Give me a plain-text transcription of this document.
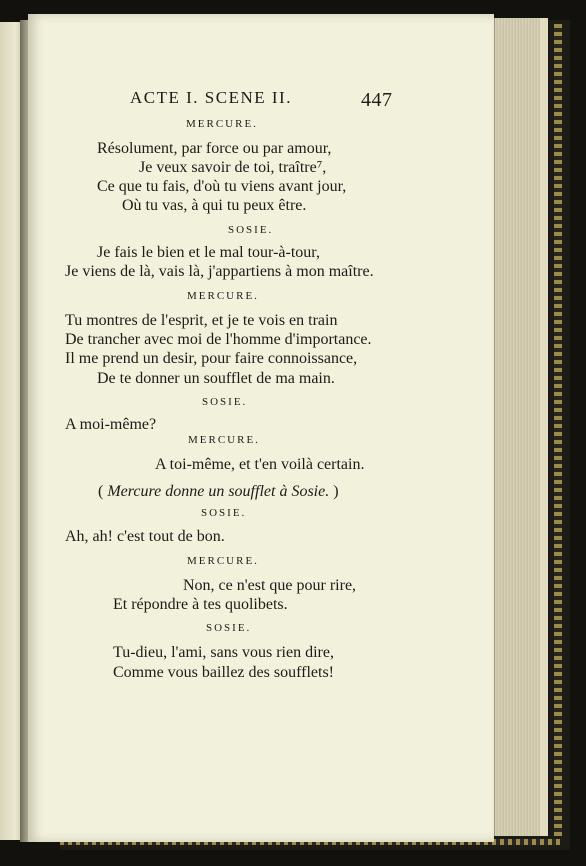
ACTE I. SCENE II.	447
MERCURE.
Résolument, par force ou par amour,
Je veux savoir de toi, traître⁷,
Ce que tu fais, d'où tu viens avant jour,
Où tu vas, à qui tu peux être.
SOSIE.
Je fais le bien et le mal tour-à-tour,
Je viens de là, vais là, j'appartiens à mon maître.
MERCURE.
Tu montres de l'esprit, et je te vois en train
De trancher avec moi de l'homme d'importance.
Il me prend un desir, pour faire connoissance,
De te donner un soufflet de ma main.
SOSIE.
A moi-même?
MERCURE.
A toi-même, et t'en voilà certain.
( Mercure donne un soufflet à Sosie. )
SOSIE.
Ah, ah! c'est tout de bon.
MERCURE.
Non, ce n'est que pour rire,
Et répondre à tes quolibets.
SOSIE.
Tu-dieu, l'ami, sans vous rien dire,
Comme vous baillez des soufflets!
